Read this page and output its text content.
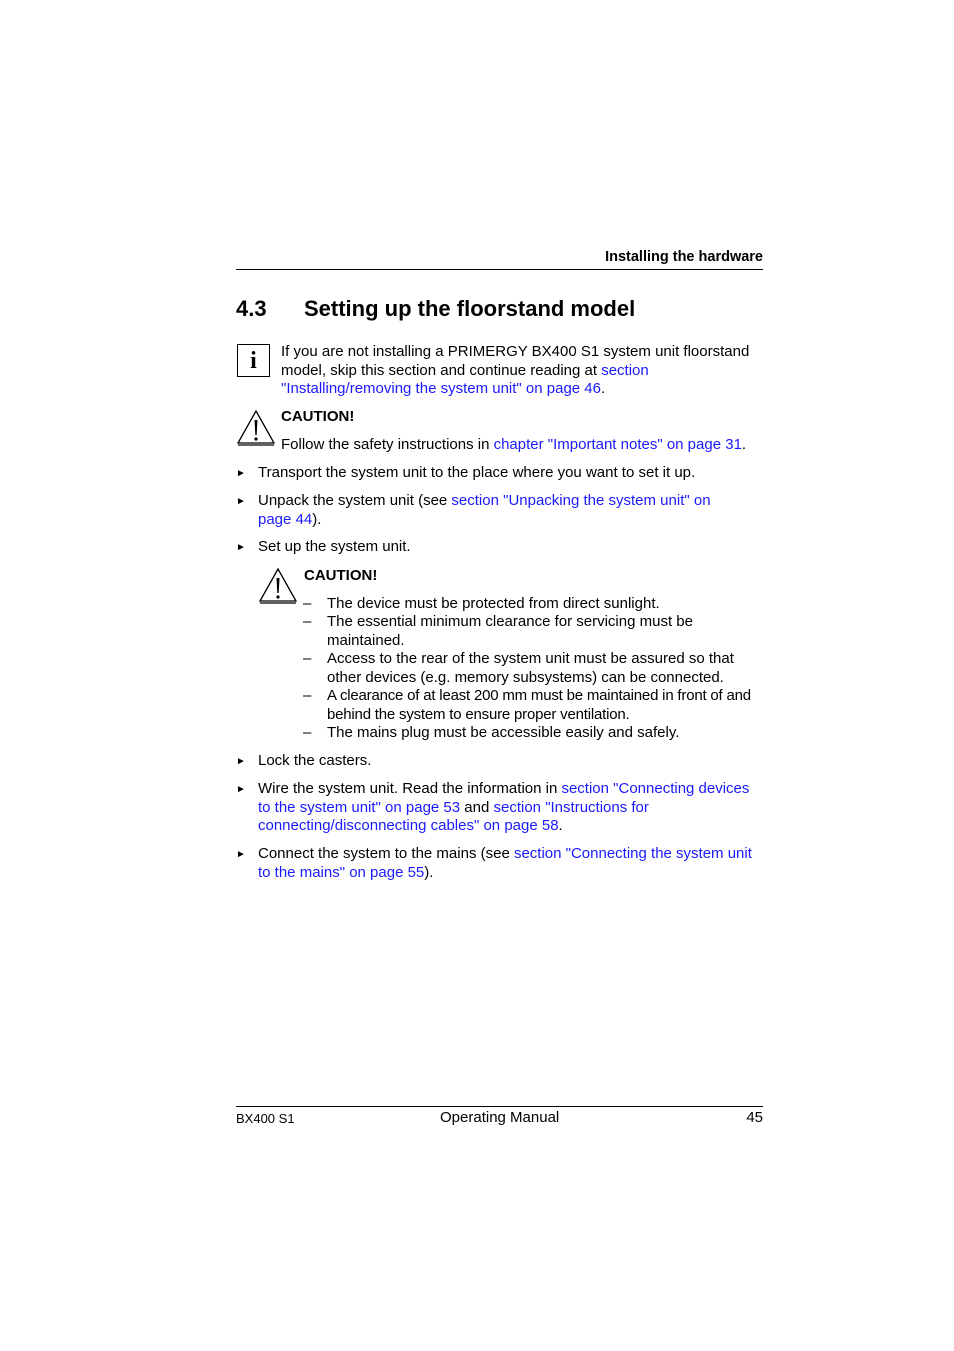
Installing the hardware
4.3 Setting up the floorstand model
i	If you are not installing a PRIMERGY BX400 S1 system unit floorstand model, skip this section and continue reading at section "Installing/removing the system unit" on page 46.
CAUTION!
Follow the safety instructions in chapter "Important notes" on page 31.
► Transport the system unit to the place where you want to set it up.
► Unpack the system unit (see section "Unpacking the system unit" on page 44).
► Set up the system unit.
CAUTION!
– The device must be protected from direct sunlight.
– The essential minimum clearance for servicing must be maintained.
– Access to the rear of the system unit must be assured so that other devices (e.g. memory subsystems) can be connected.
– A clearance of at least 200 mm must be maintained in front of and behind the system to ensure proper ventilation.
– The mains plug must be accessible easily and safely.
► Lock the casters.
► Wire the system unit. Read the information in section "Connecting devices to the system unit" on page 53 and section "Instructions for connecting/disconnecting cables" on page 58.
► Connect the system to the mains (see section "Connecting the system unit to the mains" on page 55).
BX400 S1	Operating Manual	45
